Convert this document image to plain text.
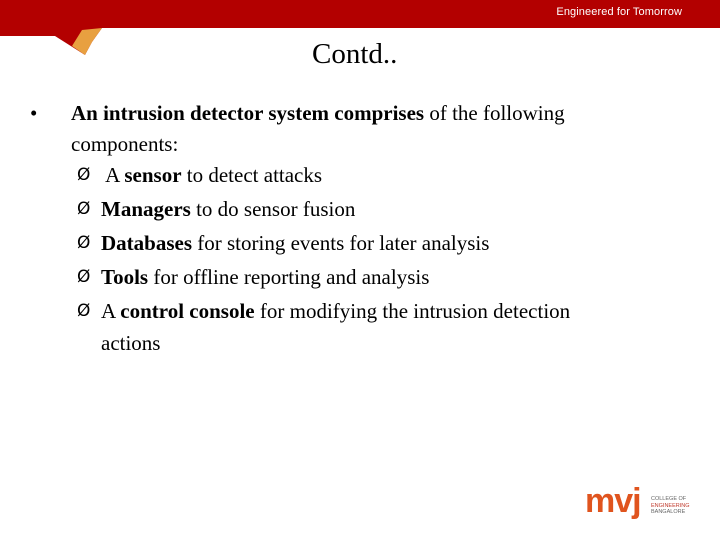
Engineered for Tomorrow
Contd..
•	An intrusion detector system comprises of the following
components:
Ø A sensor to detect attacks
Ø Managers to do sensor fusion
Ø Databases for storing events for later analysis
Ø Tools for offline reporting and analysis
Ø A control console for modifying the intrusion detection
actions
mvj COLLEGE OF
ENGINEERING
BANGALORE
